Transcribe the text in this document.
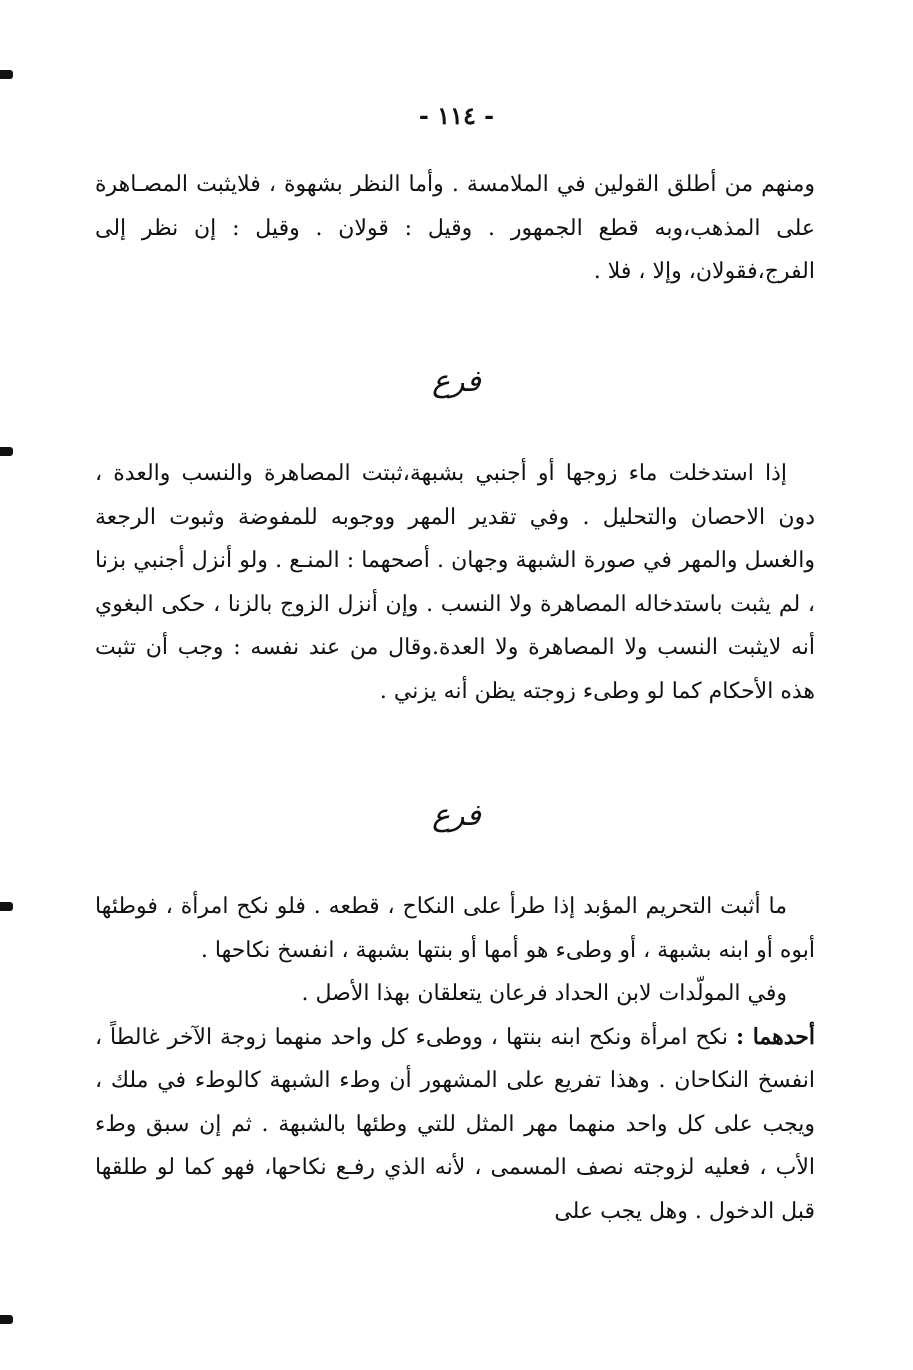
- ١١٤ -

ومنهم من أطلق القولين في الملامسة . وأما النظر بشهوة ، فلايثبت المصـاهرة على المذهب،وبه قطع الجمهور . وقيل : قولان . وقيل : إن نظر إلى الفرج،فقولان، وإلا ، فلا .

فرع

إذا استدخلت ماء زوجها أو أجنبي بشبهة،ثبتت المصاهرة والنسب والعدة ، دون الاحصان والتحليل . وفي تقدير المهر ووجوبه للمفوضة وثبوت الرجعة والغسل والمهر في صورة الشبهة وجهان . أصحهما : المنـع . ولو أنزل أجنبي بزنا ، لم يثبت باستدخاله المصاهرة ولا النسب . وإن أنزل الزوج بالزنا ، حكى البغوي أنه لايثبت النسب ولا المصاهرة ولا العدة.وقال من عند نفسه : وجب أن تثبت هذه الأحكام كما لو وطىء زوجته يظن أنه يزني .

فرع

ما أثبت التحريم المؤبد إذا طرأ على النكاح ، قطعه . فلو نكح امرأة ، فوطئها أبوه أو ابنه بشبهة ، أو وطىء هو أمها أو بنتها بشبهة ، انفسخ نكاحها .

وفي المولّدات لابن الحداد فرعان يتعلقان بهذا الأصل .

أحدهما : نكح امرأة ونكح ابنه بنتها ، ووطىء كل واحد منهما زوجة الآخر غالطاً ، انفسخ النكاحان . وهذا تفريع على المشهور أن وطء الشبهة كالوطء في ملك ، ويجب على كل واحد منهما مهر المثل للتي وطئها بالشبهة . ثم إن سبق وطء الأب ، فعليه لزوجته نصف المسمى ، لأنه الذي رفـع نكاحها، فهو كما لو طلقها قبل الدخول . وهل يجب على
